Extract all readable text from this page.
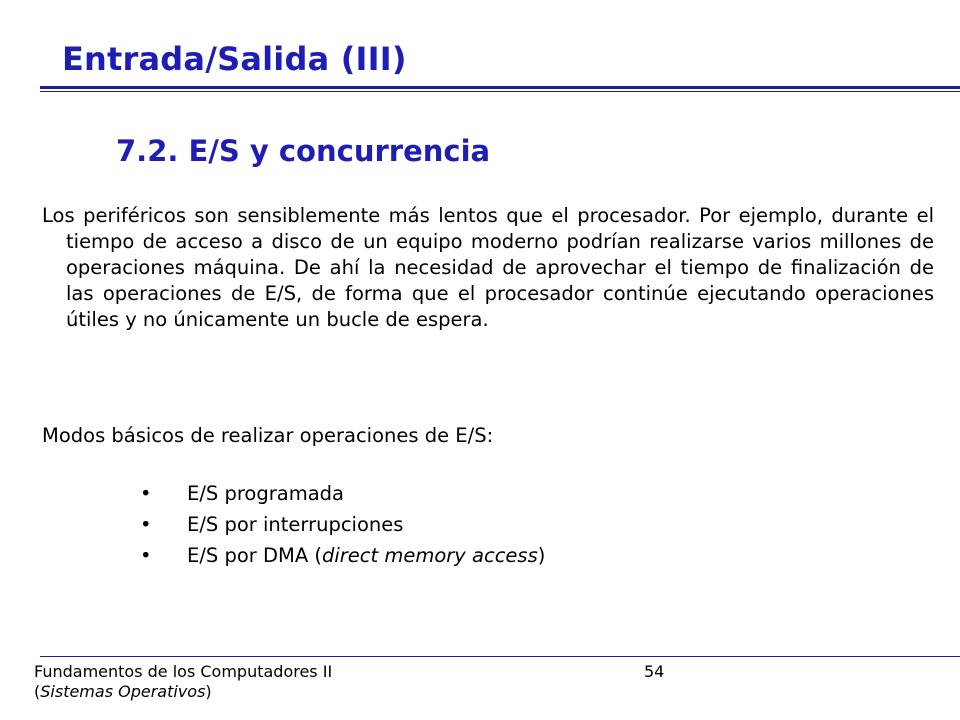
Entrada/Salida (III)
7.2. E/S y concurrencia

Los periféricos son sensiblemente más lentos que el procesador. Por ejemplo, durante el tiempo de acceso a disco de un equipo moderno podrían realizarse varios millones de operaciones máquina. De ahí la necesidad de aprovechar el tiempo de finalización de las operaciones de E/S, de forma que el procesador continúe ejecutando operaciones útiles y no únicamente un bucle de espera.

Modos básicos de realizar operaciones de E/S:

• E/S programada
• E/S por interrupciones
• E/S por DMA (direct memory access)
Fundamentos de los Computadores II
(Sistemas Operativos)
54
